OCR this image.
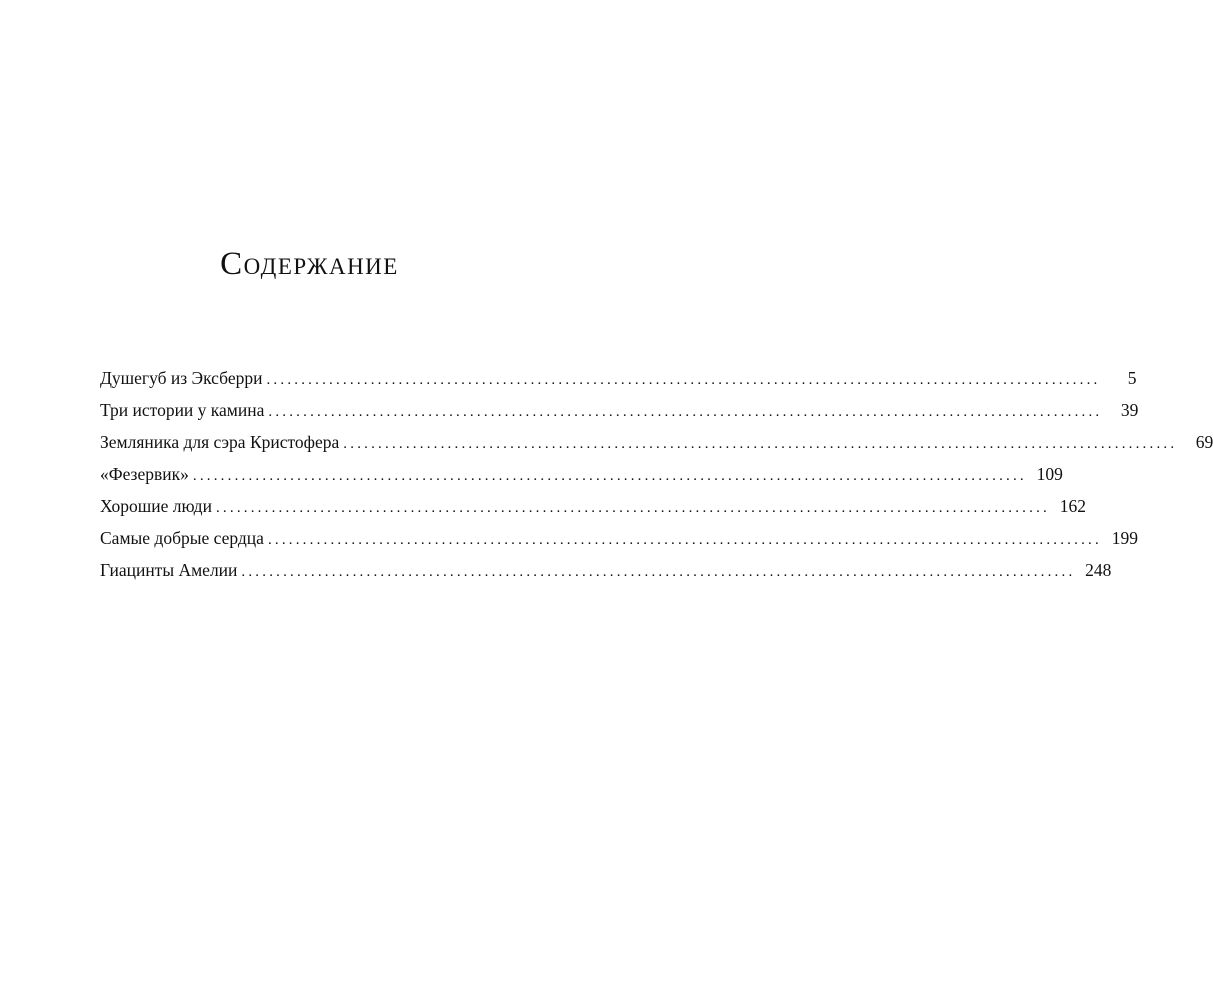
Содержание
Душегуб из Эксберри ........................................................................................................................	5
Три истории у камина ........................................................................................................................	39
Земляника для сэра Кристофера ........................................................................................................................	69
«Фезервик» ........................................................................................................................ 109
Хорошие люди ........................................................................................................................ 162
Самые добрые сердца ........................................................................................................................ 199
Гиацинты Амелии ........................................................................................................................ 248
